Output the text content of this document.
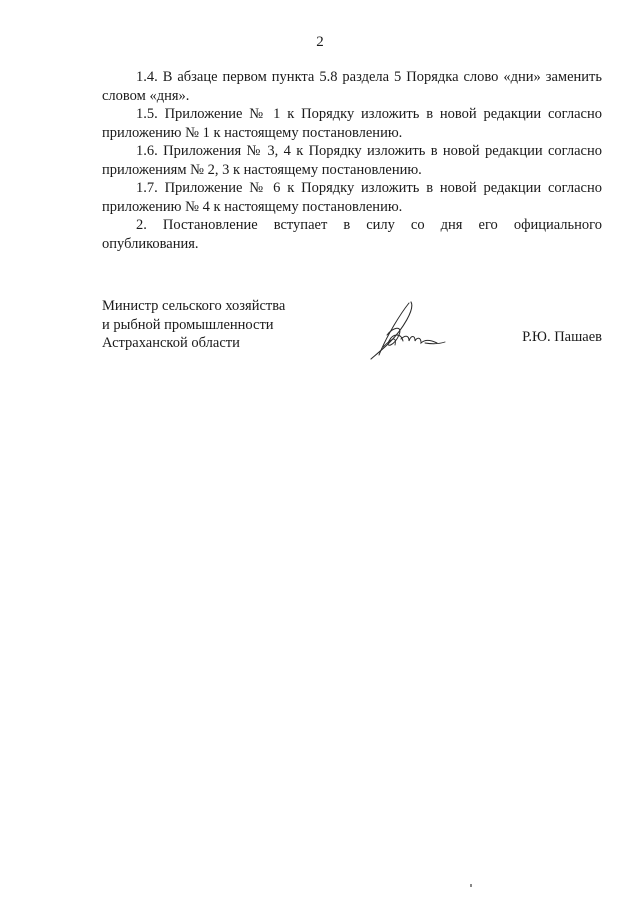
2

1.4. В абзаце первом пункта 5.8 раздела 5 Порядка слово «дни» заменить словом «дня».

1.5. Приложение № 1 к Порядку изложить в новой редакции согласно приложению № 1 к настоящему постановлению.

1.6. Приложения № 3, 4 к Порядку изложить в новой редакции согласно приложениям № 2, 3 к настоящему постановлению.

1.7. Приложение № 6 к Порядку изложить в новой редакции согласно приложению № 4 к настоящему постановлению.

2. Постановление вступает в силу со дня его официального опубликования.

Министр сельского хозяйства
и рыбной промышленности
Астраханской области	Р.Ю. Пашаев
